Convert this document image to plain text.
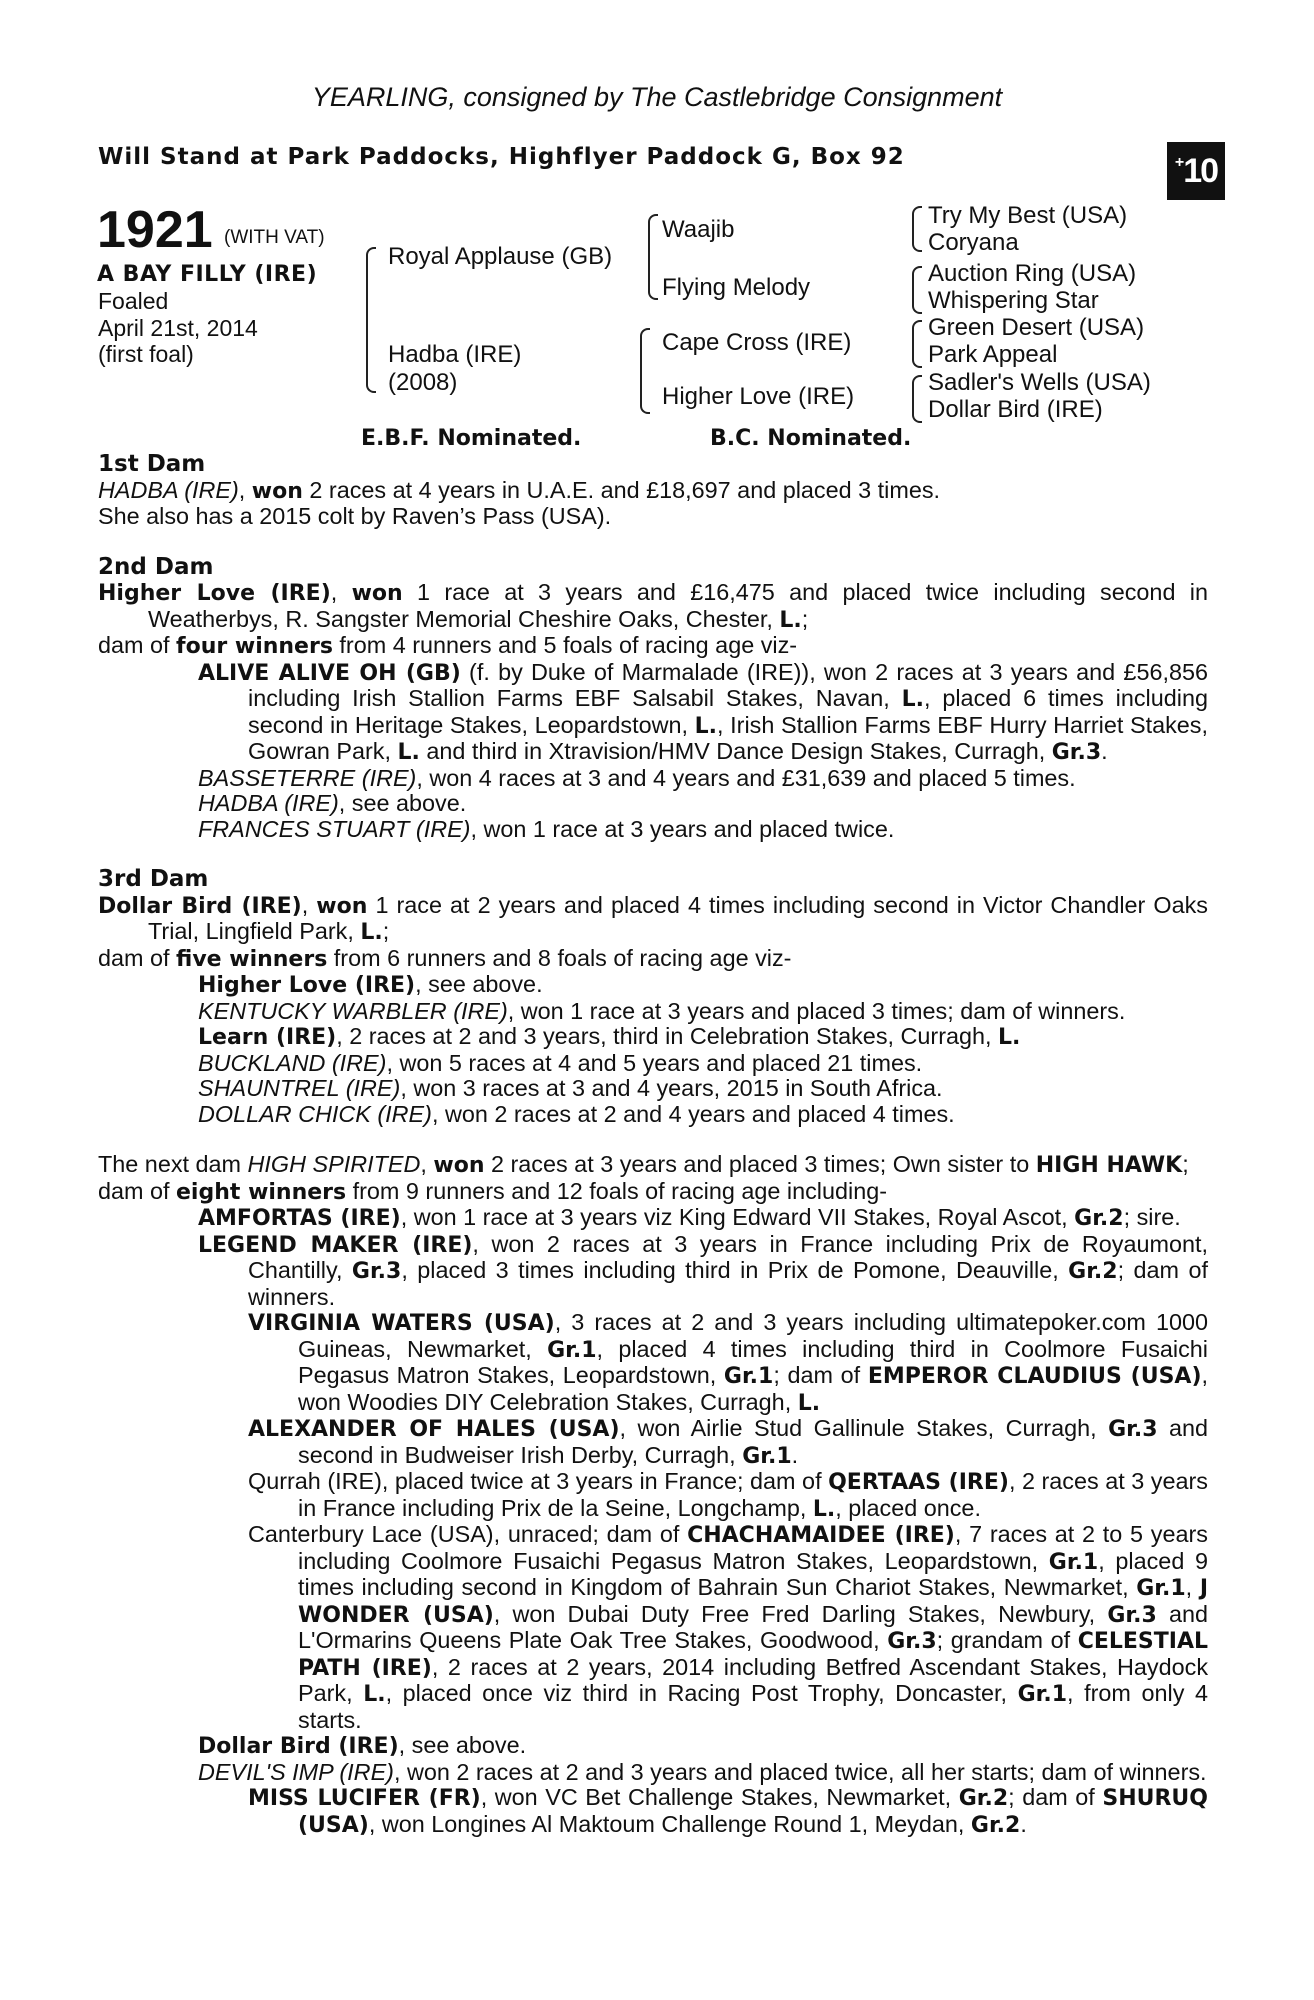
YEARLING, consigned by The Castlebridge Consignment
Will Stand at Park Paddocks, Highflyer Paddock G, Box 92	+ 10
1921 (WITH VAT)
A BAY FILLY (IRE)
Foaled
April 21st, 2014
(first foal)
Royal Applause (GB)
Hadba (IRE)
(2008)
Waajib
Flying Melody
Cape Cross (IRE)
Higher Love (IRE)
Try My Best (USA)
Coryana
Auction Ring (USA)
Whispering Star
Green Desert (USA)
Park Appeal
Sadler's Wells (USA)
Dollar Bird (IRE)
E.B.F. Nominated.	B.C. Nominated.
1st Dam
HADBA (IRE), won 2 races at 4 years in U.A.E. and £18,697 and placed 3 times.
She also has a 2015 colt by Raven’s Pass (USA).
2nd Dam
Higher Love (IRE), won 1 race at 3 years and £16,475 and placed twice including second in Weatherbys, R. Sangster Memorial Cheshire Oaks, Chester, L.;
dam of four winners from 4 runners and 5 foals of racing age viz-
ALIVE ALIVE OH (GB) (f. by Duke of Marmalade (IRE)), won 2 races at 3 years and £56,856 including Irish Stallion Farms EBF Salsabil Stakes, Navan, L., placed 6 times including second in Heritage Stakes, Leopardstown, L., Irish Stallion Farms EBF Hurry Harriet Stakes, Gowran Park, L. and third in Xtravision/HMV Dance Design Stakes, Curragh, Gr.3.
BASSETERRE (IRE), won 4 races at 3 and 4 years and £31,639 and placed 5 times.
HADBA (IRE), see above.
FRANCES STUART (IRE), won 1 race at 3 years and placed twice.
3rd Dam
Dollar Bird (IRE), won 1 race at 2 years and placed 4 times including second in Victor Chandler Oaks Trial, Lingfield Park, L.;
dam of five winners from 6 runners and 8 foals of racing age viz-
Higher Love (IRE), see above.
KENTUCKY WARBLER (IRE), won 1 race at 3 years and placed 3 times; dam of winners.
Learn (IRE), 2 races at 2 and 3 years, third in Celebration Stakes, Curragh, L.
BUCKLAND (IRE), won 5 races at 4 and 5 years and placed 21 times.
SHAUNTREL (IRE), won 3 races at 3 and 4 years, 2015 in South Africa.
DOLLAR CHICK (IRE), won 2 races at 2 and 4 years and placed 4 times.
The next dam HIGH SPIRITED, won 2 races at 3 years and placed 3 times; Own sister to HIGH HAWK;
dam of eight winners from 9 runners and 12 foals of racing age including-
AMFORTAS (IRE), won 1 race at 3 years viz King Edward VII Stakes, Royal Ascot, Gr.2; sire.
LEGEND MAKER (IRE), won 2 races at 3 years in France including Prix de Royaumont, Chantilly, Gr.3, placed 3 times including third in Prix de Pomone, Deauville, Gr.2; dam of winners.
VIRGINIA WATERS (USA), 3 races at 2 and 3 years including ultimatepoker.com 1000 Guineas, Newmarket, Gr.1, placed 4 times including third in Coolmore Fusaichi Pegasus Matron Stakes, Leopardstown, Gr.1; dam of EMPEROR CLAUDIUS (USA), won Woodies DIY Celebration Stakes, Curragh, L.
ALEXANDER OF HALES (USA), won Airlie Stud Gallinule Stakes, Curragh, Gr.3 and second in Budweiser Irish Derby, Curragh, Gr.1.
Qurrah (IRE), placed twice at 3 years in France; dam of QERTAAS (IRE), 2 races at 3 years in France including Prix de la Seine, Longchamp, L., placed once.
Canterbury Lace (USA), unraced; dam of CHACHAMAIDEE (IRE), 7 races at 2 to 5 years including Coolmore Fusaichi Pegasus Matron Stakes, Leopardstown, Gr.1, placed 9 times including second in Kingdom of Bahrain Sun Chariot Stakes, Newmarket, Gr.1, J WONDER (USA), won Dubai Duty Free Fred Darling Stakes, Newbury, Gr.3 and L'Ormarins Queens Plate Oak Tree Stakes, Goodwood, Gr.3; grandam of CELESTIAL PATH (IRE), 2 races at 2 years, 2014 including Betfred Ascendant Stakes, Haydock Park, L., placed once viz third in Racing Post Trophy, Doncaster, Gr.1, from only 4 starts.
Dollar Bird (IRE), see above.
DEVIL'S IMP (IRE), won 2 races at 2 and 3 years and placed twice, all her starts; dam of winners.
MISS LUCIFER (FR), won VC Bet Challenge Stakes, Newmarket, Gr.2; dam of SHURUQ (USA), won Longines Al Maktoum Challenge Round 1, Meydan, Gr.2.
